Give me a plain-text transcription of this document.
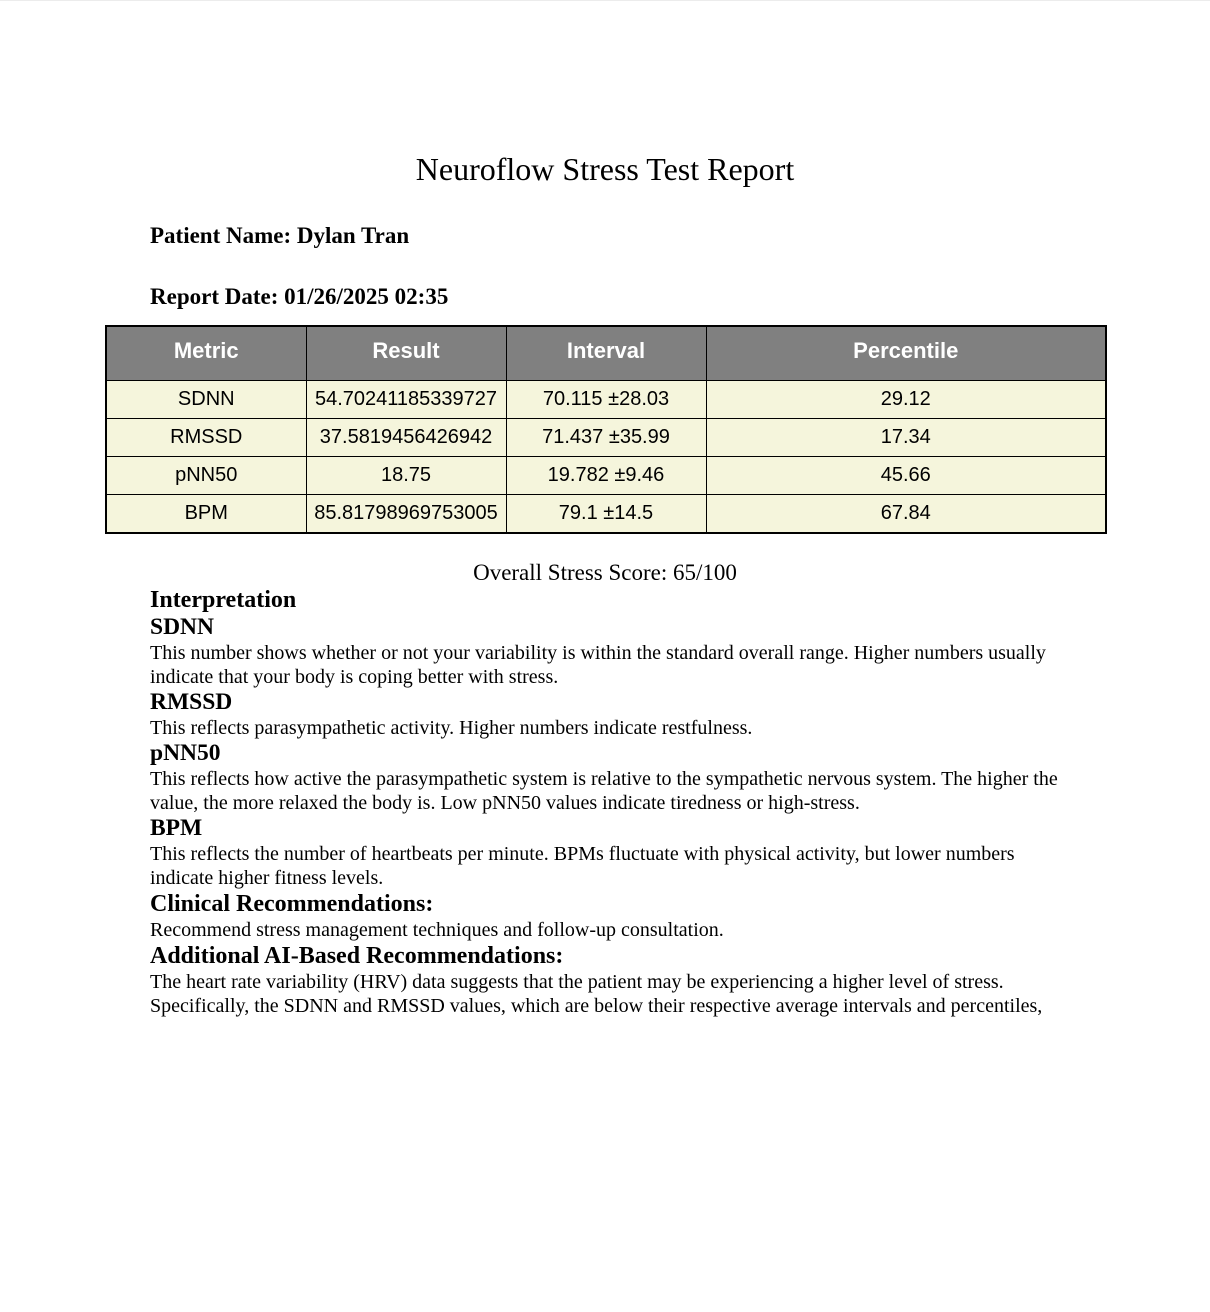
Neuroflow Stress Test Report

Patient Name: Dylan Tran

Report Date: 01/26/2025 02:35

Metric	Result	Interval	Percentile
SDNN	54.70241185339727	70.115 ±28.03	29.12
RMSSD	37.5819456426942	71.437 ±35.99	17.34
pNN50	18.75	19.782 ±9.46	45.66
BPM	85.81798969753005	79.1 ±14.5	67.84

Overall Stress Score: 65/100

Interpretation
SDNN

This number shows whether or not your variability is within the standard overall range. Higher numbers usually indicate that your body is coping better with stress.

RMSSD

This reflects parasympathetic activity. Higher numbers indicate restfulness.

pNN50

This reflects how active the parasympathetic system is relative to the sympathetic nervous system. The higher the value, the more relaxed the body is. Low pNN50 values indicate tiredness or high-stress.

BPM

This reflects the number of heartbeats per minute. BPMs fluctuate with physical activity, but lower numbers indicate higher fitness levels.

Clinical Recommendations:

Recommend stress management techniques and follow-up consultation.

Additional AI-Based Recommendations:

The heart rate variability (HRV) data suggests that the patient may be experiencing a higher level of stress. Specifically, the SDNN and RMSSD values, which are below their respective average intervals and percentiles,
